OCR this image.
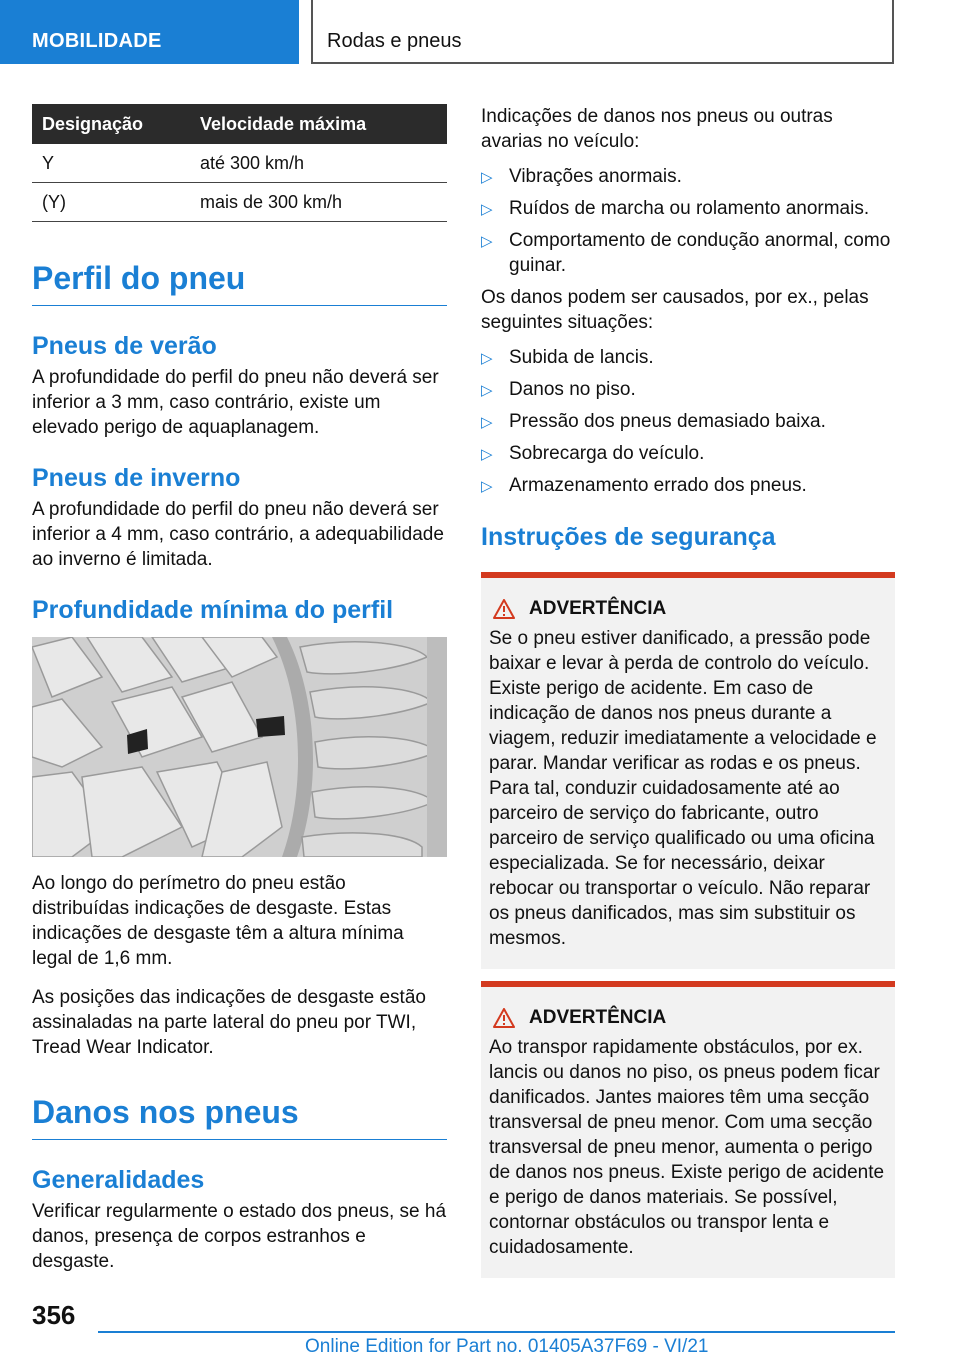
MOBILIDADE	Rodas e pneus
Designação	Velocidade máxima
Y	até 300 km/h
(Y)	mais de 300 km/h
Perfil do pneu
Pneus de verão

A profundidade do perfil do pneu não deverá ser inferior a 3 mm, caso contrário, existe um elevado perigo de aquaplanagem.

Pneus de inverno

A profundidade do perfil do pneu não deverá ser inferior a 4 mm, caso contrário, a adequabilidade ao inverno é limitada.

Profundidade mínima do perfil

Ao longo do perímetro do pneu estão distribuídas indicações de desgaste. Estas indicações de desgaste têm a altura mínima legal de 1,6 mm.

As posições das indicações de desgaste estão assinaladas na parte lateral do pneu por TWI, Tread Wear Indicator.

Danos nos pneus
Generalidades

Verificar regularmente o estado dos pneus, se há danos, presença de corpos estranhos e desgaste.

Indicações de danos nos pneus ou outras avarias no veículo:

▷ Vibrações anormais.
▷ Ruídos de marcha ou rolamento anormais.
▷ Comportamento de condução anormal, como guinar.

Os danos podem ser causados, por ex., pelas seguintes situações:

▷ Subida de lancis.
▷ Danos no piso.
▷ Pressão dos pneus demasiado baixa.
▷ Sobrecarga do veículo.
▷ Armazenamento errado dos pneus.
Instruções de segurança
ADVERTÊNCIA

Se o pneu estiver danificado, a pressão pode baixar e levar à perda de controlo do veículo. Existe perigo de acidente. Em caso de indicação de danos nos pneus durante a viagem, reduzir imediatamente a velocidade e parar. Mandar verificar as rodas e os pneus. Para tal, conduzir cuidadosamente até ao parceiro de serviço do fabricante, outro parceiro de serviço qualificado ou uma oficina especializada. Se for necessário, deixar rebocar ou transportar o veículo. Não reparar os pneus danificados, mas sim substituir os mesmos.

ADVERTÊNCIA

Ao transpor rapidamente obstáculos, por ex. lancis ou danos no piso, os pneus podem ficar danificados. Jantes maiores têm uma secção transversal de pneu menor. Com uma secção transversal de pneu menor, aumenta o perigo de danos nos pneus. Existe perigo de acidente e perigo de danos materiais. Se possível, contornar obstáculos ou transpor lenta e cuidadosamente.

356
Online Edition for Part no. 01405A37F69 - VI/21
